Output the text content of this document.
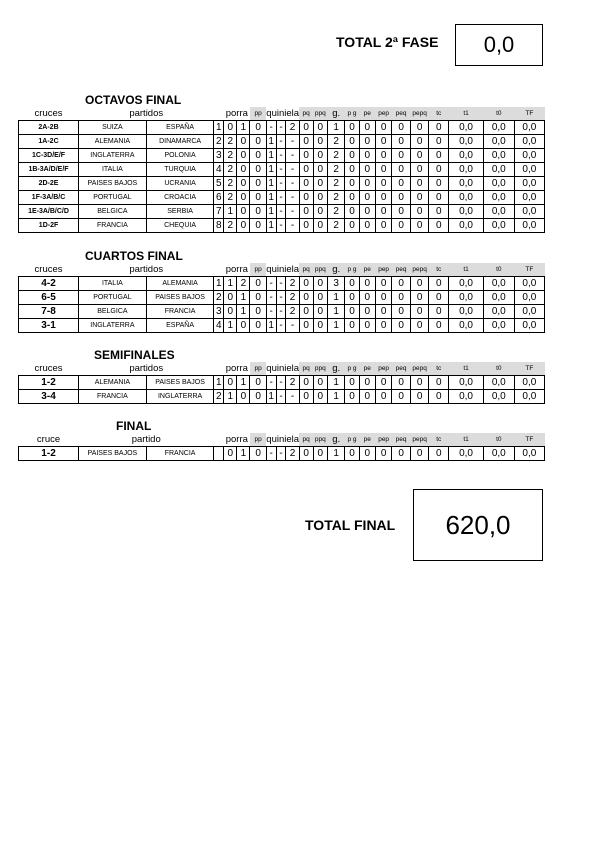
TOTAL 2ª FASE	0,0
OCTAVOS FINAL
cruces	partidos			porra		pp	quiniela			pq	ppq	g.	p g	pe	pep	peq	pepq	tc	t1	t0	TF
2A-2B	SUIZA	ESPAÑA	1	0	1	0	-	-	2	0	0	1	0	0	0	0	0	0	0,0	0,0	0,0
1A-2C	ALEMANIA	DINAMARCA	2	2	0	0	1	-	-	0	0	2	0	0	0	0	0	0	0,0	0,0	0,0
1C-3D/E/F	INGLATERRA	POLONIA	3	2	0	0	1	-	-	0	0	2	0	0	0	0	0	0	0,0	0,0	0,0
1B-3A/D/E/F	ITALIA	TURQUIA	4	2	0	0	1	-	-	0	0	2	0	0	0	0	0	0	0,0	0,0	0,0
2D-2E	PAISES BAJOS	UCRANIA	5	2	0	0	1	-	-	0	0	2	0	0	0	0	0	0	0,0	0,0	0,0
1F-3A/B/C	PORTUGAL	CROACIA	6	2	0	0	1	-	-	0	0	2	0	0	0	0	0	0	0,0	0,0	0,0
1E-3A/B/C/D	BELGICA	SERBIA	7	1	0	0	1	-	-	0	0	2	0	0	0	0	0	0	0,0	0,0	0,0
1D-2F	FRANCIA	CHEQUIA	8	2	0	0	1	-	-	0	0	2	0	0	0	0	0	0	0,0	0,0	0,0
CUARTOS FINAL
cruces	partidos			porra		pp	quiniela			pq	ppq	g.	p g	pe	pep	peq	pepq	tc	t1	t0	TF
4-2	ITALIA	ALEMANIA	1	1	2	0	-	-	2	0	0	3	0	0	0	0	0	0	0,0	0,0	0,0
6-5	PORTUGAL	PAISES BAJOS	2	0	1	0	-	-	2	0	0	1	0	0	0	0	0	0	0,0	0,0	0,0
7-8	BELGICA	FRANCIA	3	0	1	0	-	-	2	0	0	1	0	0	0	0	0	0	0,0	0,0	0,0
3-1	INGLATERRA	ESPAÑA	4	1	0	0	1	-	-	0	0	1	0	0	0	0	0	0	0,0	0,0	0,0
SEMIFINALES
cruces	partidos			porra		pp	quiniela			pq	ppq	g.	p g	pe	pep	peq	pepq	tc	t1	t0	TF
1-2	ALEMANIA	PAISES BAJOS	1	0	1	0	-	-	2	0	0	1	0	0	0	0	0	0	0,0	0,0	0,0
3-4	FRANCIA	INGLATERRA	2	1	0	0	1	-	-	0	0	1	0	0	0	0	0	0	0,0	0,0	0,0
FINAL
cruce	partido			porra		pp	quiniela			pq	ppq	g.	p g	pe	pep	peq	pepq	tc	t1	t0	TF
1-2	PAISES BAJOS	FRANCIA		0	1	0	-	-	2	0	0	1	0	0	0	0	0	0	0,0	0,0	0,0
TOTAL FINAL	620,0
